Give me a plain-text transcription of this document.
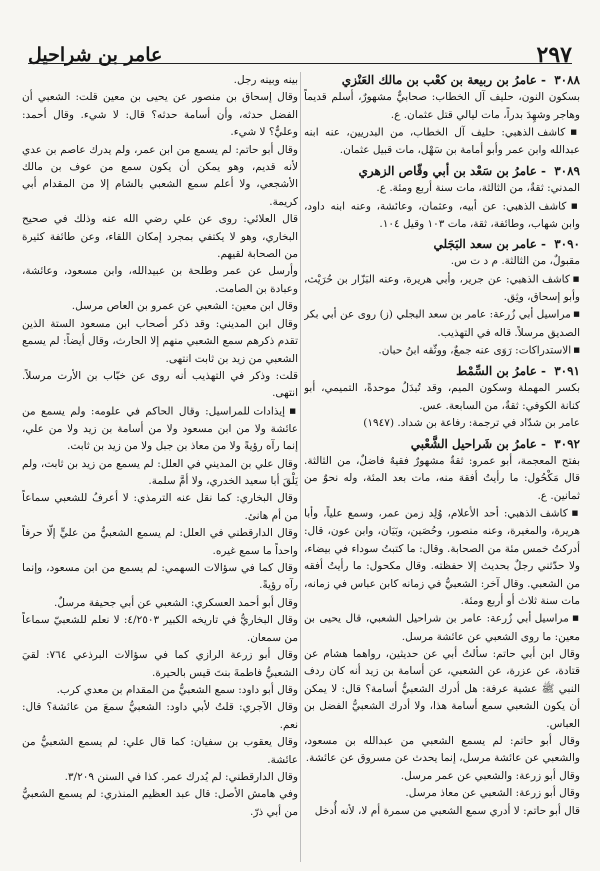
٢٩٧
عامر بن شراحيل

٣٠٨٨ - عامرُ بن ربيعة بن كعْب بن مالك العَنْزي

بسكون النون، حليف آل الخطاب: صحابيٌّ مشهورٌ، أسلم قديماً وهاجر وشهِدَ بدراً، مات ليالي قتل عثمان. ع.

■ كاشف الذهبي: حليف آل الخطاب، من البدريين، عنه ابنه عبدالله وابن عمر وأبو أمامة بن سَهْل، مات قبيل عثمان.

٣٠٨٩ - عامرُ بن سَعْد بن أبي وقّاص الزهري

المدني: ثقةٌ، من الثالثة، مات سنة أربع ومئة. ع.

■ كاشف الذهبي: عن أبيه، وعثمان، وعائشة، وعنه ابنه داود، وابن شهاب، وطائفة، ثقة، مات ١٠٣ وقيل ١٠٤.

٣٠٩٠ - عامر بن سعد البَجَلي

مقبولٌ، من الثالثة. م د ت س.

■ كاشف الذهبي: عن جرير، وأبي هريرة، وعنه البَزّار بن حُرَيْث، وأبو إسحاق، وثِق.

■ مراسيل أبي زُرعة: عامر بن سعد البجلي (ز) روى عن أبي بكر الصديق مرسلاً. قاله في التهذيب.

■ الاستدراكات: رَوَى عنه جمعٌ، ووثّقه ابنُ حبان.

٣٠٩١ - عامرُ بن السِّمْط

بكسر المهملة وسكون الميم، وقد تُبدَلُ موحدةً، التميمي، أبو كنانة الكوفي: ثقةٌ، من السابعة. عس.

عامر بن شدّاد في ترجمة: رفاعة بن شداد. (١٩٤٧)

٣٠٩٢ - عامرُ بن شَراحيل الشَّعْبي

بفتح المعجمة، أبو عمرو: ثقةٌ مشهورٌ فقيهٌ فاضلٌ، من الثالثة. قال مَكْحُول: ما رأيتُ أفقهَ منه، مات بعد المئة، وله نحوٌ من ثمانين. ع.

■ كاشف الذهبي: أحد الأعلام، وُلِد زمن عمر، وسمع علياً، وأبا هريرة، والمغيرة، وعنه منصور، وحُصَين، وبَيَان، وابن عون، قال: أدركتُ خمس مئة من الصحابة. وقال: ما كتبتُ سوداء في بيضاء، ولا حدّثني رجلٌ بحديث إلا حفظته. وقال مكحول: ما رأيتُ أفقه من الشعبي. وقال آخر: الشعبيُّ في زمانه كابن عباس في زمانه، مات سنة ثلاث أو أربع ومئة.

■ مراسيل أبي زُرعة: عامر بن شراحيل الشعبي، قال يحيى بن معين: ما روى الشعبي عن عائشة مرسل.

وقال ابن أبي حاتم: سألتُ أبي عن حديثين، رواهما هشام عن قتادة، عن عزرة، عن الشعبي، عن أسامة بن زيد أنه كان ردف النبي ﷺ عشية عرفة: هل أدرك الشعبيُّ أسامة؟ قال: لا يمكن أن يكون الشعبي سمع أسامة هذا، ولا أدرك الشعبيُّ الفضل بن العباس.

وقال أبو حاتم: لم يسمع الشعبي من عبدالله بن مسعود، والشعبي عن عائشة مرسل، إنما يحدث عن مسروق عن عائشة.

وقال أبو زرعة: والشعبي عن عمر مرسل.

وقال أبو زرعة: الشعبي عن معاذ مرسل.

قال أبو حاتم: لا أدري سمع الشعبي من سمرة أم لا، لأنه أُدخل

بينه وبينه رجل.

وقال إسحاق بن منصور عن يحيى بن معين قلت: الشعبي أن الفضل حدثه، وأن أسامة حدثه؟ قال: لا شيء. وقال أحمد: وعليٌّ؟ لا شيء.

وقال أبو حاتم: لم يسمع من ابن عمر، ولم يدرك عاصم بن عدي لأنه قديم، وهو يمكن أن يكون سمع من عوف بن مالك الأشجعي، ولا أعلم سمع الشعبي بالشام إلا من المقدام أبي كريمة.

قال العلائي: روى عن علي رضي الله عنه وذلك في صحيح البخاري، وهو لا يكتفي بمجرد إمكان اللقاء، وعن طائفة كثيرة من الصحابة لقيهم.

وأرسل عن عمر وطلحة بن عبيدالله، وابن مسعود، وعائشة، وعبادة بن الصامت.

وقال ابن معين: الشعبي عن عمرو بن العاص مرسل.

وقال ابن المديني: وقد ذكر أصحاب ابن مسعود الستة الذين تقدم ذكرهم سمع الشعبي منهم إلا الحارث، وقال أيضاً: لم يسمع الشعبي من زيد بن ثابت انتهى.

قلت: وذكر في التهذيب أنه روى عن خبّاب بن الأرت مرسلاً. انتهى.

■ إيذادات للمراسيل: وقال الحاكم في علومه: ولم يسمع من عائشة ولا من ابن مسعود ولا من أسامة بن زيد ولا من علي، إنما رآه رؤيةً ولا من معاذ بن جبل ولا من زيد بن ثابت.

وقال علي بن المديني في العلل: لم يسمع من زيد بن ثابت، ولم يَلْقَ أبا سعيد الخدري، ولا أمَّ سلمة.

وقال البخاري: كما نقل عنه الترمذي: لا أعرفُ للشعبي سماعاً من أم هانئ.

وقال الدارقطني في العلل: لم يسمع الشعبيُّ من عليٍّ إلّا حرفاً واحداً ما سمع غيره.

وقال كما في سؤالات السهمي: لم يسمع من ابن مسعود، وإنما رآه رؤيةً.

وقال أبو أحمد العسكري: الشعبي عن أبي جحيفة مرسلٌ.

وقال البخاريُّ في تاريخه الكبير ٤/٢٥٠٣: لا نعلم للشعبيّ سماعاً من سمعان.

وقال أبو زرعة الرازي كما في سؤالات البرذعي ٧٦٤: لقيَ الشعبيُّ فاطمةَ بنتَ قيس بالحيرة.

وقال أبو داود: سمع الشعبيُّ من المقدام بن معدي كرب.

وقال الآجري: قلتُ لأبي داود: الشعبيُّ سمعَ من عائشة؟ قال: نعم.

وقال يعقوب بن سفيان: كما قال علي: لم يسمع الشعبيُّ من عائشة.

وقال الدارقطني: لم يُدرك عمر. كذا في السنن ٣/٢٠٩.

وفي هامش الأصل: قال عبد العظيم المنذري: لم يسمع الشعبيُّ من أبي ذرّ.
